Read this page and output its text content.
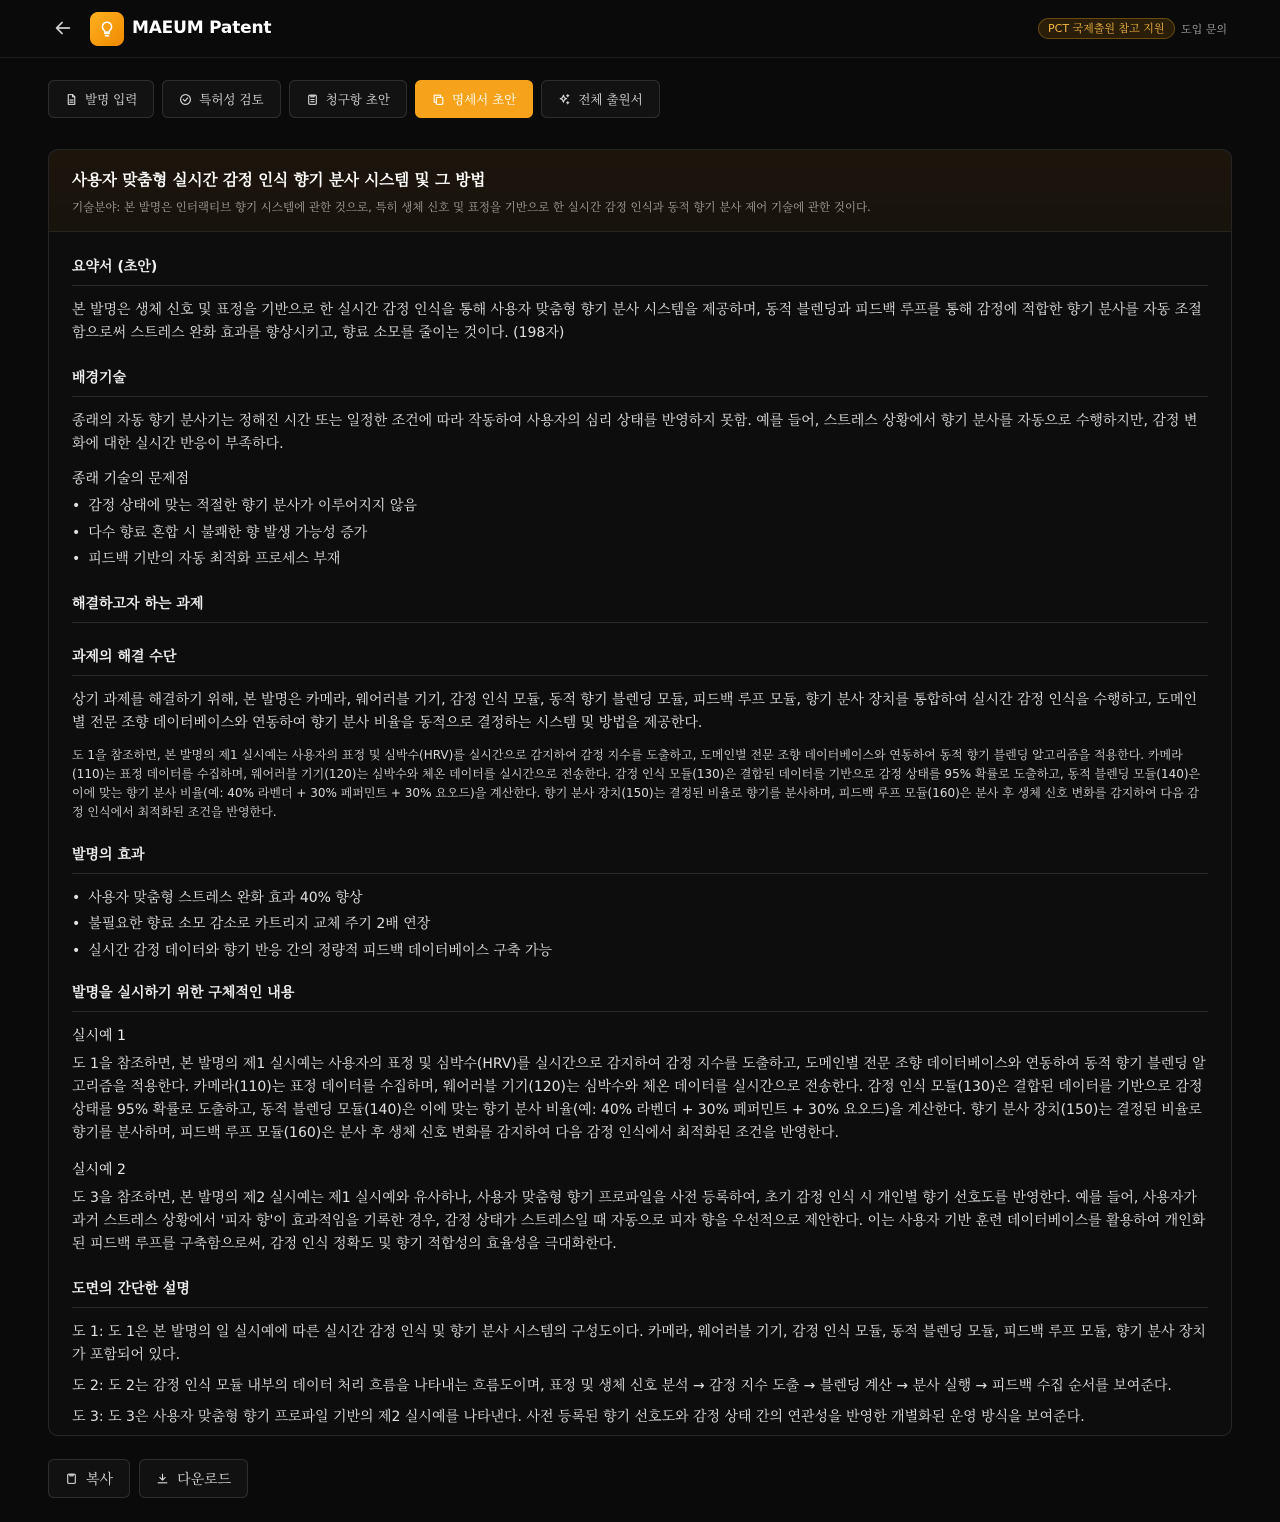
MAEUM Patent	PCT 국제출원 참고 지원	도입 문의
발명 입력	특허성 검토	청구항 초안	명세서 초안	전체 출원서
사용자 맞춤형 실시간 감정 인식 향기 분사 시스템 및 그 방법
기술분야: 본 발명은 인터랙티브 향기 시스템에 관한 것으로, 특히 생체 신호 및 표정을 기반으로 한 실시간 감정 인식과 동적 향기 분사 제어 기술에 관한 것이다.
요약서 (초안)
본 발명은 생체 신호 및 표정을 기반으로 한 실시간 감정 인식을 통해 사용자 맞춤형 향기 분사 시스템을 제공하며, 동적 블렌딩과 피드백 루프를 통해 감정에 적합한 향기 분사를 자동 조절함으로써 스트레스 완화 효과를 향상시키고, 향료 소모를 줄이는 것이다. (198자)
배경기술
종래의 자동 향기 분사기는 정해진 시간 또는 일정한 조건에 따라 작동하여 사용자의 심리 상태를 반영하지 못함. 예를 들어, 스트레스 상황에서 향기 분사를 자동으로 수행하지만, 감정 변화에 대한 실시간 반응이 부족하다.
종래 기술의 문제점
• 감정 상태에 맞는 적절한 향기 분사가 이루어지지 않음
• 다수 향료 혼합 시 불쾌한 향 발생 가능성 증가
• 피드백 기반의 자동 최적화 프로세스 부재
해결하고자 하는 과제
과제의 해결 수단
상기 과제를 해결하기 위해, 본 발명은 카메라, 웨어러블 기기, 감정 인식 모듈, 동적 향기 블렌딩 모듈, 피드백 루프 모듈, 향기 분사 장치를 통합하여 실시간 감정 인식을 수행하고, 도메인별 전문 조향 데이터베이스와 연동하여 향기 분사 비율을 동적으로 결정하는 시스템 및 방법을 제공한다.
도 1을 참조하면, 본 발명의 제1 실시예는 사용자의 표정 및 심박수(HRV)를 실시간으로 감지하여 감정 지수를 도출하고, 도메인별 전문 조향 데이터베이스와 연동하여 동적 향기 블렌딩 알고리즘을 적용한다. 카메라(110)는 표정 데이터를 수집하며, 웨어러블 기기(120)는 심박수와 체온 데이터를 실시간으로 전송한다. 감정 인식 모듈(130)은 결합된 데이터를 기반으로 감정 상태를 95% 확률로 도출하고, 동적 블렌딩 모듈(140)은 이에 맞는 향기 분사 비율(예: 40% 라벤더 + 30% 페퍼민트 + 30% 요오드)을 계산한다. 향기 분사 장치(150)는 결정된 비율로 향기를 분사하며, 피드백 루프 모듈(160)은 분사 후 생체 신호 변화를 감지하여 다음 감정 인식에서 최적화된 조건을 반영한다.
발명의 효과
• 사용자 맞춤형 스트레스 완화 효과 40% 향상
• 불필요한 향료 소모 감소로 카트리지 교체 주기 2배 연장
• 실시간 감정 데이터와 향기 반응 간의 정량적 피드백 데이터베이스 구축 가능
발명을 실시하기 위한 구체적인 내용
실시예 1
도 1을 참조하면, 본 발명의 제1 실시예는 사용자의 표정 및 심박수(HRV)를 실시간으로 감지하여 감정 지수를 도출하고, 도메인별 전문 조향 데이터베이스와 연동하여 동적 향기 블렌딩 알고리즘을 적용한다. 카메라(110)는 표정 데이터를 수집하며, 웨어러블 기기(120)는 심박수와 체온 데이터를 실시간으로 전송한다. 감정 인식 모듈(130)은 결합된 데이터를 기반으로 감정 상태를 95% 확률로 도출하고, 동적 블렌딩 모듈(140)은 이에 맞는 향기 분사 비율(예: 40% 라벤더 + 30% 페퍼민트 + 30% 요오드)을 계산한다. 향기 분사 장치(150)는 결정된 비율로 향기를 분사하며, 피드백 루프 모듈(160)은 분사 후 생체 신호 변화를 감지하여 다음 감정 인식에서 최적화된 조건을 반영한다.
실시예 2
도 3을 참조하면, 본 발명의 제2 실시예는 제1 실시예와 유사하나, 사용자 맞춤형 향기 프로파일을 사전 등록하여, 초기 감정 인식 시 개인별 향기 선호도를 반영한다. 예를 들어, 사용자가 과거 스트레스 상황에서 '피자 향'이 효과적임을 기록한 경우, 감정 상태가 스트레스일 때 자동으로 피자 향을 우선적으로 제안한다. 이는 사용자 기반 훈련 데이터베이스를 활용하여 개인화된 피드백 루프를 구축함으로써, 감정 인식 정확도 및 향기 적합성의 효율성을 극대화한다.
도면의 간단한 설명
도 1: 도 1은 본 발명의 일 실시예에 따른 실시간 감정 인식 및 향기 분사 시스템의 구성도이다. 카메라, 웨어러블 기기, 감정 인식 모듈, 동적 블렌딩 모듈, 피드백 루프 모듈, 향기 분사 장치가 포함되어 있다.
도 2: 도 2는 감정 인식 모듈 내부의 데이터 처리 흐름을 나타내는 흐름도이며, 표정 및 생체 신호 분석 → 감정 지수 도출 → 블렌딩 계산 → 분사 실행 → 피드백 수집 순서를 보여준다.
도 3: 도 3은 사용자 맞춤형 향기 프로파일 기반의 제2 실시예를 나타낸다. 사전 등록된 향기 선호도와 감정 상태 간의 연관성을 반영한 개별화된 운영 방식을 보여준다.
복사	다운로드
